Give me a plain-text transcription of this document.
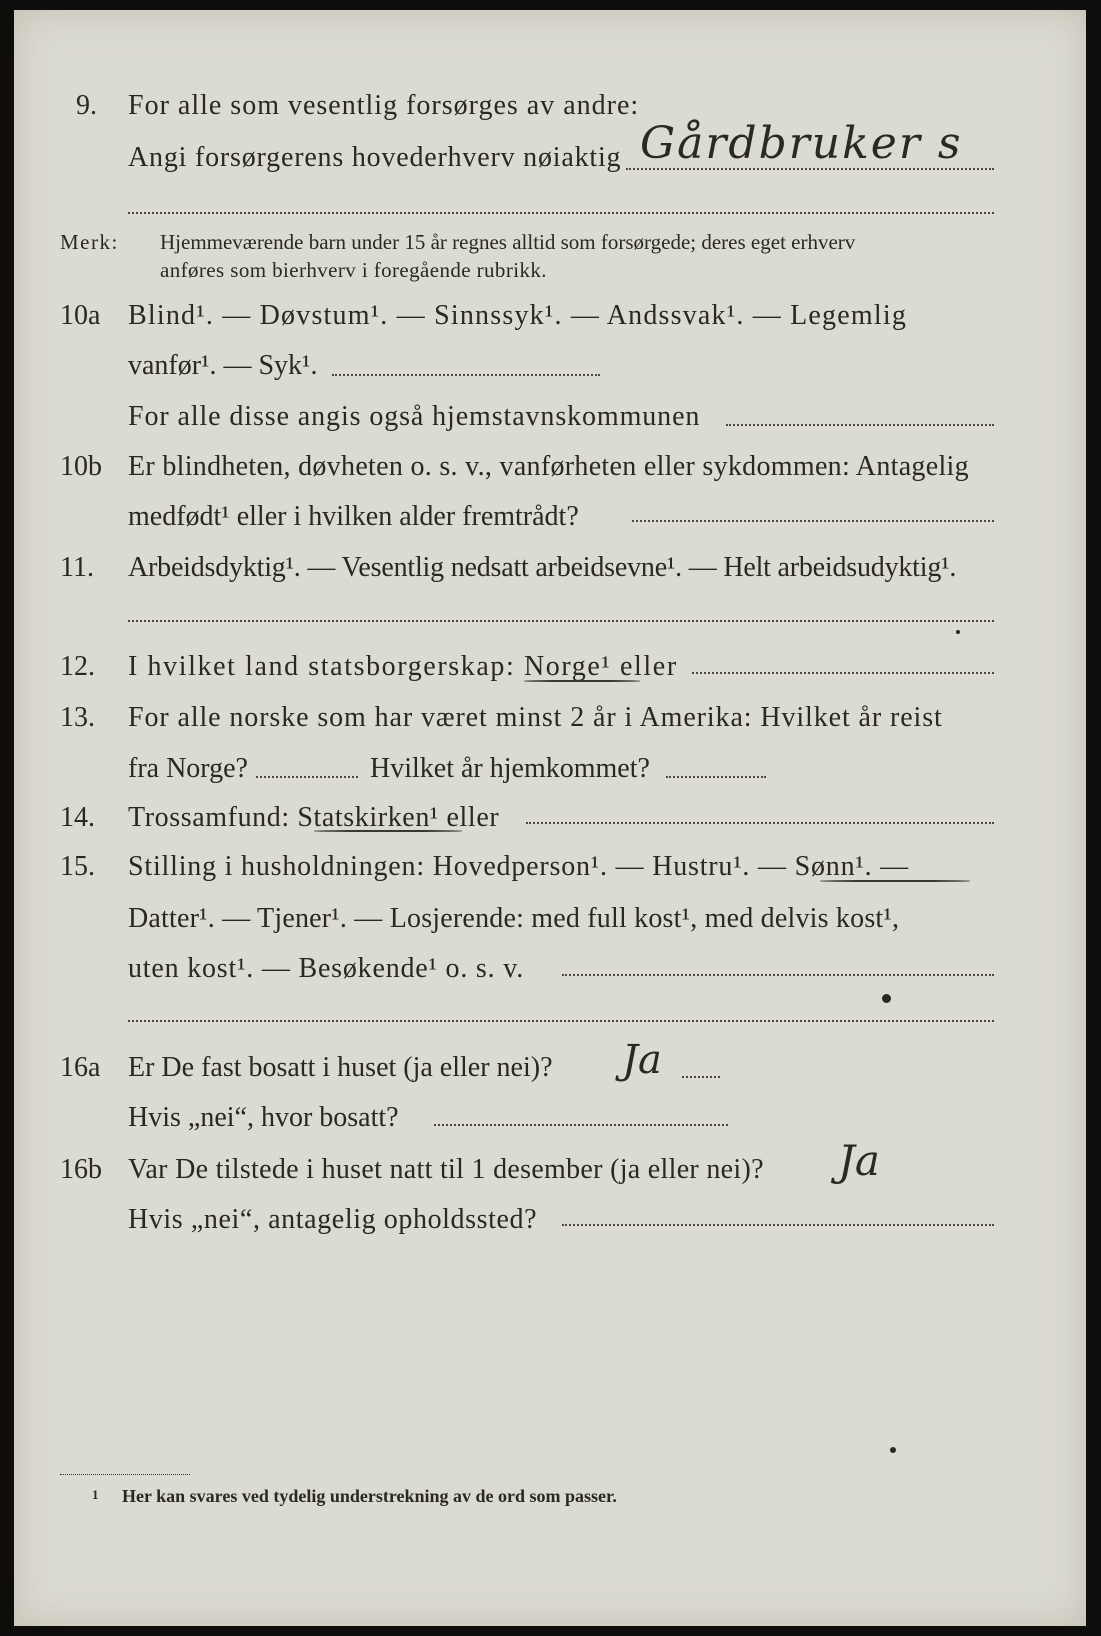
9. For alle som vesentlig forsørges av andre:
Angi forsørgerens hovederhverv nøiaktig Gårdbruker s
Merk: Hjemmeværende barn under 15 år regnes alltid som forsørgede; deres eget erhverv
anføres som bierhverv i foregående rubrikk.
10a Blind¹. — Døvstum¹. — Sinnssyk¹. — Andssvak¹. — Legemlig
vanfør¹. — Syk¹.
For alle disse angis også hjemstavnskommunen
10b Er blindheten, døvheten o. s. v., vanførheten eller sykdommen: Antagelig
medfødt¹ eller i hvilken alder fremtrådt?
11. Arbeidsdyktig¹. — Vesentlig nedsatt arbeidsevne¹. — Helt arbeidsudyktig¹.
12. I hvilket land statsborgerskap: Norge¹ eller
13. For alle norske som har været minst 2 år i Amerika: Hvilket år reist
fra Norge?	Hvilket år hjemkommet?
14. Trossamfund: Statskirken¹ eller
15. Stilling i husholdningen: Hovedperson¹. — Hustru¹. — Sønn¹. —
Datter¹. — Tjener¹. — Losjerende: med full kost¹, med delvis kost¹,
uten kost¹. — Besøkende¹ o. s. v.
16a Er De fast bosatt i huset (ja eller nei)? Ja
Hvis „nei“, hvor bosatt?
16b Var De tilstede i huset natt til 1 desember (ja eller nei)? Ja
Hvis „nei“, antagelig opholdssted?
1 Her kan svares ved tydelig understrekning av de ord som passer.
